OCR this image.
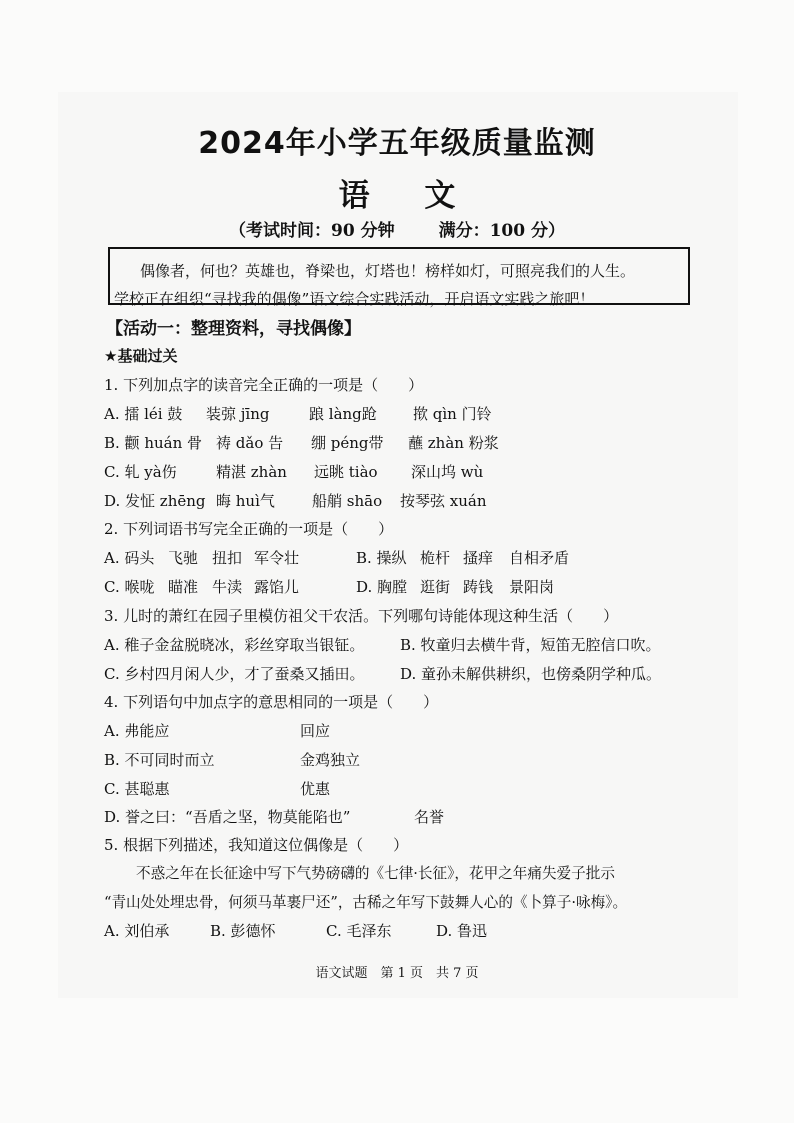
2024年小学五年级质量监测
语 文
（考试时间：90 分钟	满分：100 分）

偶像者，何也？英雄也，脊梁也，灯塔也！榜样如灯，可照亮我们的人生。

学校正在组织“寻找我的偶像”语文综合实践活动，开启语文实践之旅吧！

【活动一：整理资料，寻找偶像】
★基础过关
1. 下列加点字的读音完全正确的一项是（　　）
A. 擂 léi 鼓 装弶 jīng	踉 làng跄 揿 qìn 门铃
B. 颧 huán 骨 祷 dǎo 告 绷 péng带 蘸 zhàn 粉浆
C. 轧 yà伤	精湛 zhàn 远眺 tiào 深山坞 wù
D. 发怔 zhēng 晦 huì气 船艄 shāo 按琴弦 xuán
2. 下列词语书写完全正确的一项是（　　）
A. 码头 飞驰 扭扣 军令壮	B. 操纵 桅杆 搔痒 自相矛盾
C. 喉咙 瞄准 牛渎 露馅儿	D. 胸膛 逛街 踌钱 景阳岗
3. 儿时的萧红在园子里模仿祖父干农活。下列哪句诗能体现这种生活（　　）
A. 稚子金盆脱晓冰，彩丝穿取当银钲。 B. 牧童归去横牛背，短笛无腔信口吹。
C. 乡村四月闲人少，才了蚕桑又插田。 D. 童孙未解供耕织，也傍桑阴学种瓜。
4. 下列语句中加点字的意思相同的一项是（　　）
A. 弗能应	回应
B. 不可同时而立	金鸡独立
C. 甚聪惠	优惠
D. 誉之曰：“吾盾之坚，物莫能陷也”	名誉
5. 根据下列描述，我知道这位偶像是（　　）
不惑之年在长征途中写下气势磅礴的《七律·长征》，花甲之年痛失爱子批示
“青山处处埋忠骨，何须马革裹尸还”，古稀之年写下鼓舞人心的《卜算子·咏梅》。
A. 刘伯承	B. 彭德怀	C. 毛泽东	D. 鲁迅
语文试题　第 1 页　共 7 页
